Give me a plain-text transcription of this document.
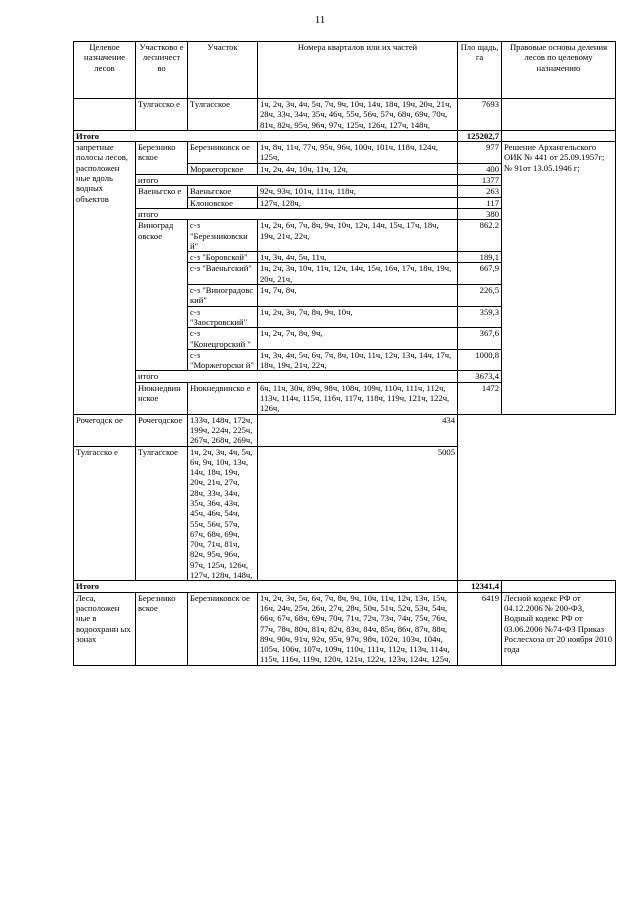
11
Целевое назначение лесов	Участково е лесничест во	Участок	Номера кварталов или их частей	Пло щадь, га	Правовые основы деления лесов по целевому назначению
	Тулгасско е	Тулгасское	1ч, 2ч, 3ч, 4ч, 5ч, 7ч, 9ч, 10ч, 14ч, 18ч, 19ч, 20ч, 21ч, 28ч, 33ч, 34ч, 35ч, 46ч, 55ч, 56ч, 57ч, 68ч, 69ч, 70ч, 81ч, 82ч, 95ч, 96ч, 97ч, 125ч, 126ч, 127ч, 148ч,	7693	
Итого				125202,7	
запретные полосы лесов, расположен ные вдоль водных объектов	Березнико вское	Березниковск ое	1ч, 8ч, 11ч, 77ч, 95ч, 96ч, 100ч, 101ч, 118ч, 124ч, 125ч,	977	Решение Архангельского ОИК № 441 от 25.09.1957г; № 91от 13.05.1946 г;
		Моржегорское	1ч, 2ч, 4ч, 10ч, 11ч, 12ч,	400	
	итого			1377	
	Ваеньгско е	Ваеньгское	92ч, 93ч, 101ч, 111ч, 118ч,	263	
		Клоновское	127ч, 128ч,	117	
	итого			380	
	Виноград овское	с-з "Березниковски й"	1ч, 2ч, 6ч, 7ч, 8ч, 9ч, 10ч, 12ч, 14ч, 15ч, 17ч, 18ч, 19ч, 21ч, 22ч,	862.2	
		с-з "Боровской"	1ч, 3ч, 4ч, 5ч, 11ч,	189,1	
		с-з "Ваеньгский"	1ч, 2ч, 3ч, 10ч, 11ч, 12ч, 14ч, 15ч, 16ч, 17ч, 18ч, 19ч, 20ч, 21ч,	667,9	
		с-з "Виноградовс кий"	1ч, 7ч, 8ч,	226,5	
		с-з "Заостровский"	1ч, 2ч, 3ч, 7ч, 8ч, 9ч, 10ч,	359,3	
		с-з "Конецгорский "	1ч, 2ч, 7ч, 8ч, 9ч,	367,6	
		с-з "Моржегорски й"	1ч, 3ч, 4ч, 5ч, 6ч, 7ч, 8ч, 10ч, 11ч, 12ч, 13ч, 14ч, 17ч, 18ч, 19ч, 21ч, 22ч,	1000,8	
	итого			3673,4	
	Нюкнедвин нское	Нюкнедвинско е	6ч, 11ч, 30ч, 89ч, 98ч, 108ч, 109ч, 110ч, 111ч, 112ч, 113ч, 114ч, 115ч, 116ч, 117ч, 118ч, 119ч, 121ч, 122ч, 126ч,	1472	
Рочегодск ое	Рочегодское	133ч, 148ч, 172ч, 199ч, 224ч, 225ч, 267ч, 268ч, 269ч,	434		
Тулгасско е	Тулгасское	1ч, 2ч, 3ч, 4ч, 5ч, 6ч, 9ч, 10ч, 13ч, 14ч, 18ч, 19ч, 20ч, 21ч, 27ч, 28ч, 33ч, 34ч, 35ч, 36ч, 43ч, 45ч, 46ч, 54ч, 55ч, 56ч, 57ч, 67ч, 68ч, 69ч, 70ч, 71ч, 81ч, 82ч, 95ч, 96ч, 97ч, 125ч, 126ч, 127ч, 128ч, 148ч,	5005		
Итого				12341,4	
Леса, расположен ные в водоохранн ых зонах	Березнико вское	Березниковск ое	1ч, 2ч, 3ч, 5ч, 6ч, 7ч, 8ч, 9ч, 10ч, 11ч, 12ч, 13ч, 15ч, 16ч, 24ч, 25ч, 26ч, 27ч, 28ч, 50ч, 51ч, 52ч, 53ч, 54ч, 66ч, 67ч, 68ч, 69ч, 70ч, 71ч, 72ч, 73ч, 74ч, 75ч, 76ч, 77ч, 78ч, 80ч, 81ч, 82ч, 83ч, 84ч, 85ч, 86ч, 87ч, 88ч, 89ч, 90ч, 91ч, 92ч, 95ч, 97ч, 98ч, 102ч, 103ч, 104ч, 105ч, 106ч, 107ч, 109ч, 110ч, 111ч, 112ч, 113ч, 114ч, 115ч, 116ч, 119ч, 120ч, 121ч, 122ч, 123ч, 124ч, 125ч,	6419	Лесной кодекс РФ от 04.12.2006 № 200-ФЗ, Водный кодекс РФ от 03.06.2006 №74-ФЗ Приказ Рослесхоза от 20 ноября 2010 года
